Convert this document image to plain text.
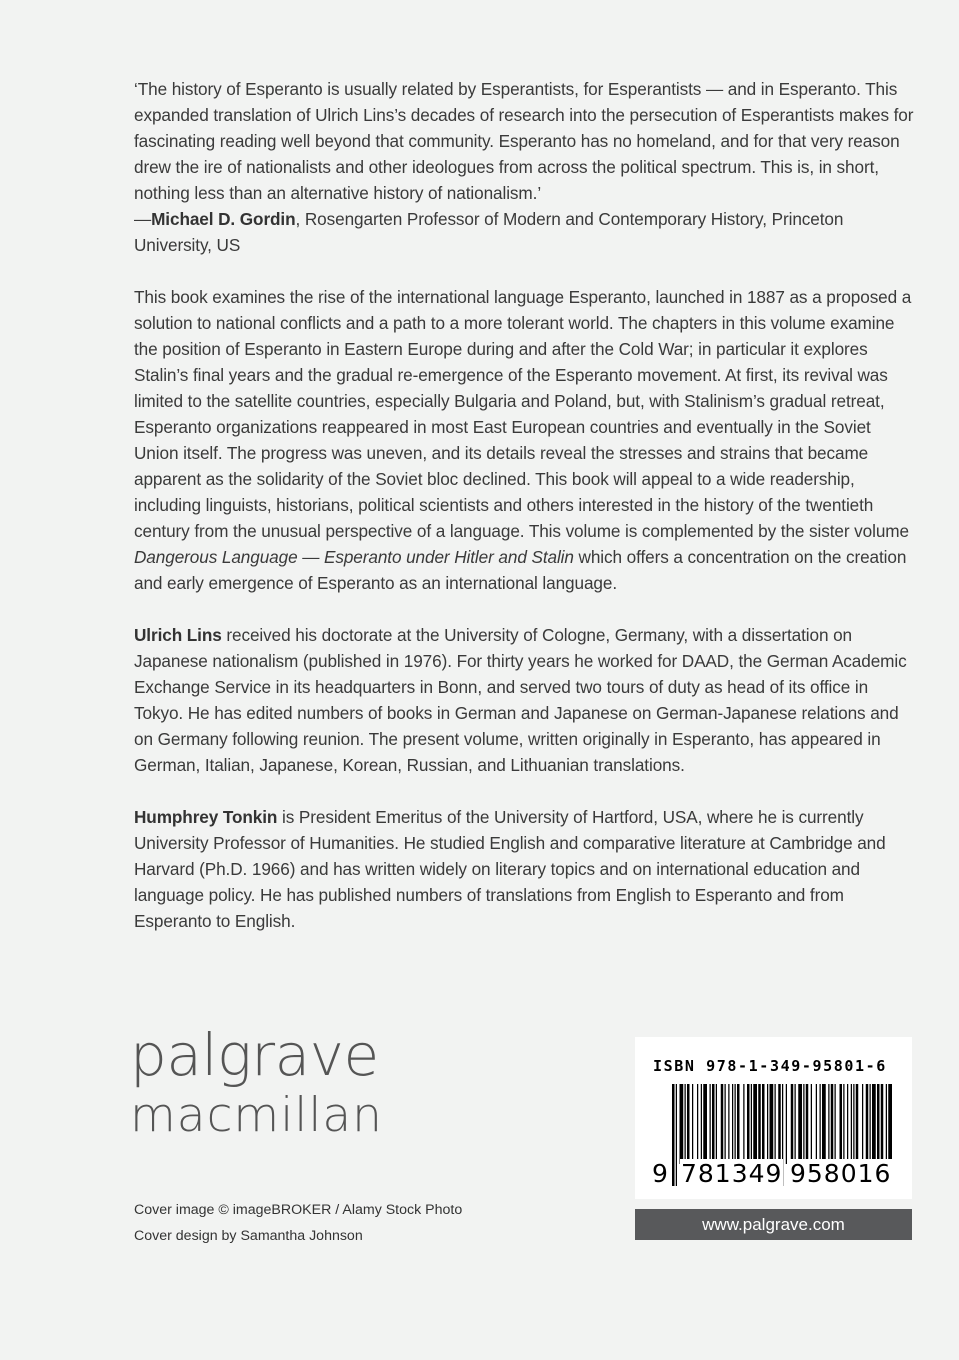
‘The history of Esperanto is usually related by Esperantists, for Esperantists — and in Esperanto. This expanded translation of Ulrich Lins’s decades of research into the persecution of Esperantists makes for fascinating reading well beyond that community. Esperanto has no homeland, and for that very reason drew the ire of nationalists and other ideologues from across the political spectrum. This is, in short, nothing less than an alternative history of nationalism.’
—Michael D. Gordin, Rosengarten Professor of Modern and Contemporary History, Princeton University, US

This book examines the rise of the international language Esperanto, launched in 1887 as a proposed a solution to national conflicts and a path to a more tolerant world. The chapters in this volume examine the position of Esperanto in Eastern Europe during and after the Cold War; in particular it explores Stalin’s final years and the gradual re-emergence of the Esperanto movement. At first, its revival was limited to the satellite countries, especially Bulgaria and Poland, but, with Stalinism’s gradual retreat, Esperanto organizations reappeared in most East European countries and eventually in the Soviet Union itself. The progress was uneven, and its details reveal the stresses and strains that became apparent as the solidarity of the Soviet bloc declined. This book will appeal to a wide readership, including linguists, historians, political scientists and others interested in the history of the twentieth century from the unusual perspective of a language. This volume is complemented by the sister volume Dangerous Language — Esperanto under Hitler and Stalin which offers a concentration on the creation and early emergence of Esperanto as an international language.

Ulrich Lins received his doctorate at the University of Cologne, Germany, with a dissertation on Japanese nationalism (published in 1976). For thirty years he worked for DAAD, the German Academic Exchange Service in its headquarters in Bonn, and served two tours of duty as head of its office in Tokyo. He has edited numbers of books in German and Japanese on German-Japanese relations and on Germany following reunion. The present volume, written originally in Esperanto, has appeared in German, Italian, Japanese, Korean, Russian, and Lithuanian translations.

Humphrey Tonkin is President Emeritus of the University of Hartford, USA, where he is currently University Professor of Humanities. He studied English and comparative literature at Cambridge and Harvard (Ph.D. 1966) and has written widely on literary topics and on international education and language policy. He has published numbers of translations from English to Esperanto and from Esperanto to English.

palgrave
macmillan
Cover image © imageBROKER / Alamy Stock Photo
Cover design by Samantha Johnson
ISBN 978-1-349-95801-6
9 781349 958016
www.palgrave.com
